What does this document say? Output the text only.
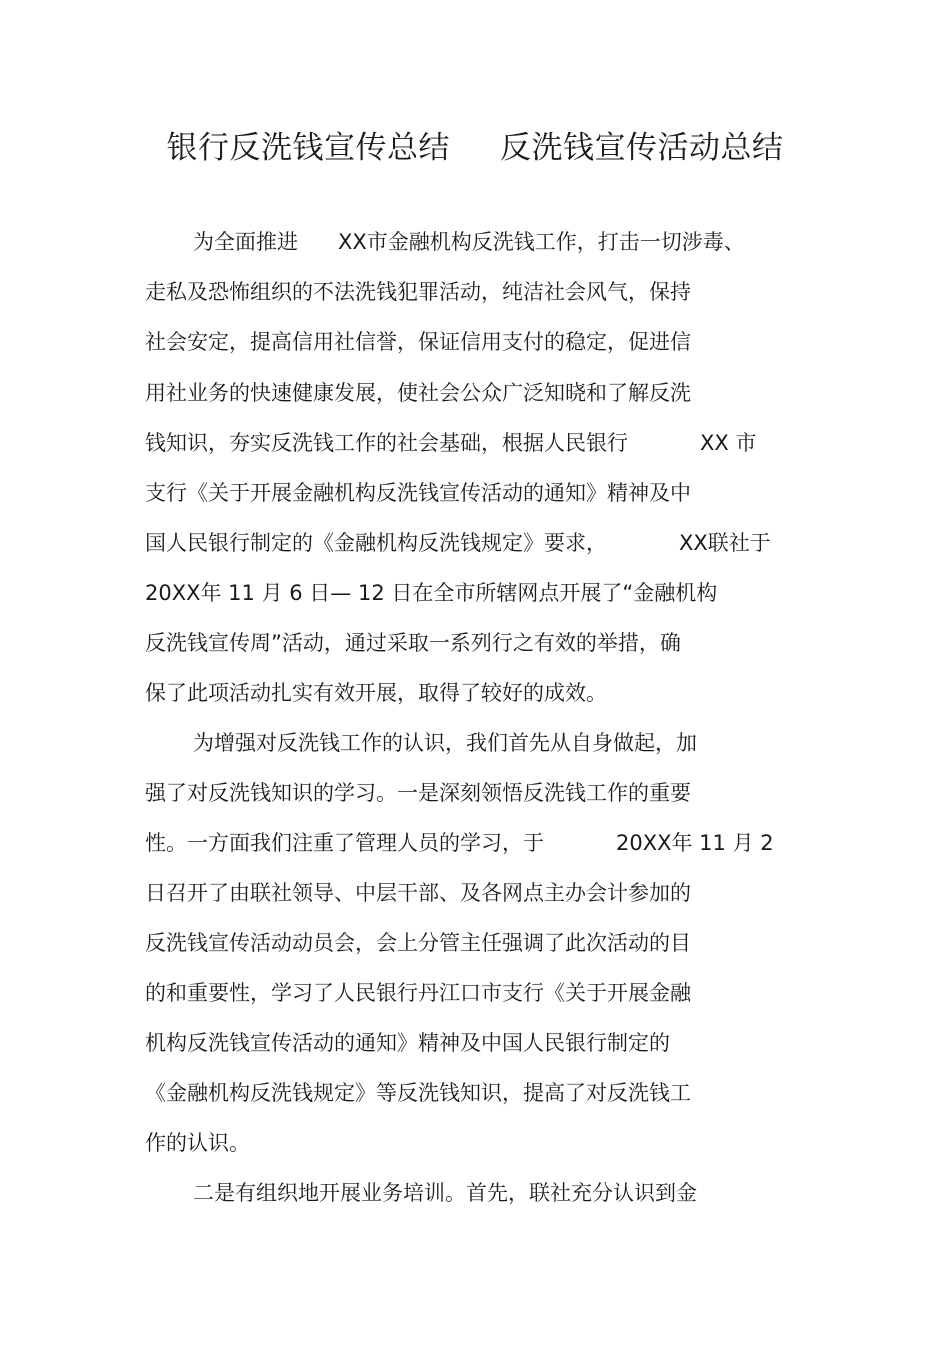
银行反洗钱宣传总结 反洗钱宣传活动总结
为全面推进 XX市金融机构反洗钱工作，打击一切涉毒、
走私及恐怖组织的不法洗钱犯罪活动，纯洁社会风气，保持
社会安定，提高信用社信誉，保证信用支付的稳定，促进信
用社业务的快速健康发展，使社会公众广泛知晓和了解反洗
钱知识，夯实反洗钱工作的社会基础，根据人民银行	XX 市
支行《关于开展金融机构反洗钱宣传活动的通知》精神及中
国人民银行制定的《金融机构反洗钱规定》要求，	XX联社于
20XX年 11 月 6 日— 12 日在全市所辖网点开展了“金融机构
反洗钱宣传周”活动，通过采取一系列行之有效的举措，确
保了此项活动扎实有效开展，取得了较好的成效。
为增强对反洗钱工作的认识，我们首先从自身做起，加
强了对反洗钱知识的学习。一是深刻领悟反洗钱工作的重要
性。一方面我们注重了管理人员的学习，于	20XX年 11 月 2
日召开了由联社领导、中层干部、及各网点主办会计参加的
反洗钱宣传活动动员会，会上分管主任强调了此次活动的目
的和重要性，学习了人民银行丹江口市支行《关于开展金融
机构反洗钱宣传活动的通知》精神及中国人民银行制定的
《金融机构反洗钱规定》等反洗钱知识，提高了对反洗钱工
作的认识。
二是有组织地开展业务培训。首先，联社充分认识到金
